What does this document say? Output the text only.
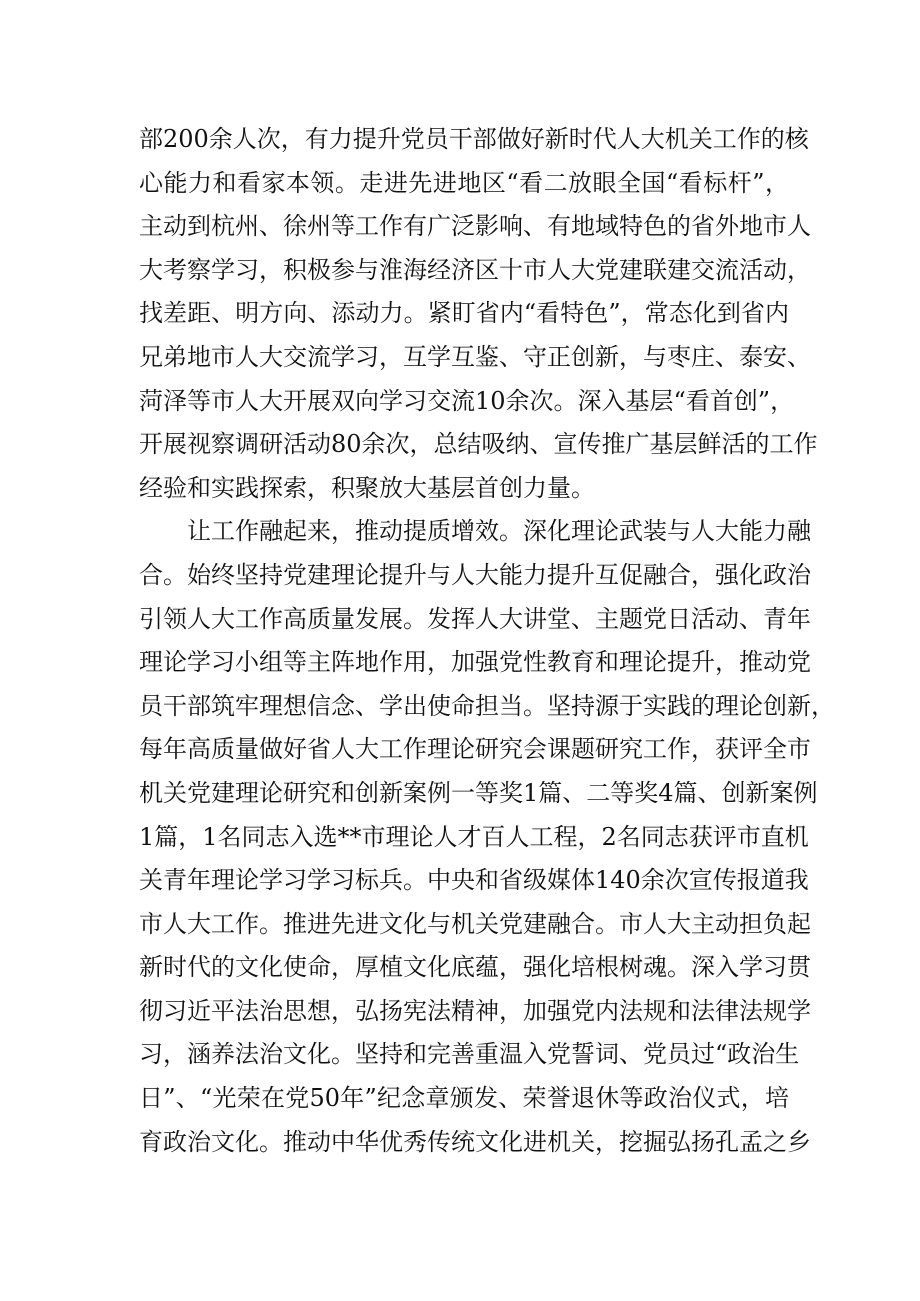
部200余人次，有力提升党员干部做好新时代人大机关工作的核
心能力和看家本领。走进先进地区“看二放眼全国“看标杆”，
主动到杭州、徐州等工作有广泛影响、有地域特色的省外地市人
大考察学习，积极参与淮海经济区十市人大党建联建交流活动，
找差距、明方向、添动力。紧盯省内“看特色”，常态化到省内
兄弟地市人大交流学习，互学互鉴、守正创新，与枣庄、泰安、
菏泽等市人大开展双向学习交流10余次。深入基层“看首创”，
开展视察调研活动80余次，总结吸纳、宣传推广基层鲜活的工作
经验和实践探索，积聚放大基层首创力量。
让工作融起来，推动提质增效。深化理论武装与人大能力融
合。始终坚持党建理论提升与人大能力提升互促融合，强化政治
引领人大工作高质量发展。发挥人大讲堂、主题党日活动、青年
理论学习小组等主阵地作用，加强党性教育和理论提升，推动党
员干部筑牢理想信念、学出使命担当。坚持源于实践的理论创新，
每年高质量做好省人大工作理论研究会课题研究工作，获评全市
机关党建理论研究和创新案例一等奖1篇、二等奖4篇、创新案例
1篇，1名同志入选**市理论人才百人工程，2名同志获评市直机
关青年理论学习学习标兵。中央和省级媒体140余次宣传报道我
市人大工作。推进先进文化与机关党建融合。市人大主动担负起
新时代的文化使命，厚植文化底蕴，强化培根树魂。深入学习贯
彻习近平法治思想，弘扬宪法精神，加强党内法规和法律法规学
习，涵养法治文化。坚持和完善重温入党誓词、党员过“政治生
日”、“光荣在党50年”纪念章颁发、荣誉退休等政治仪式，培
育政治文化。推动中华优秀传统文化进机关，挖掘弘扬孔孟之乡
